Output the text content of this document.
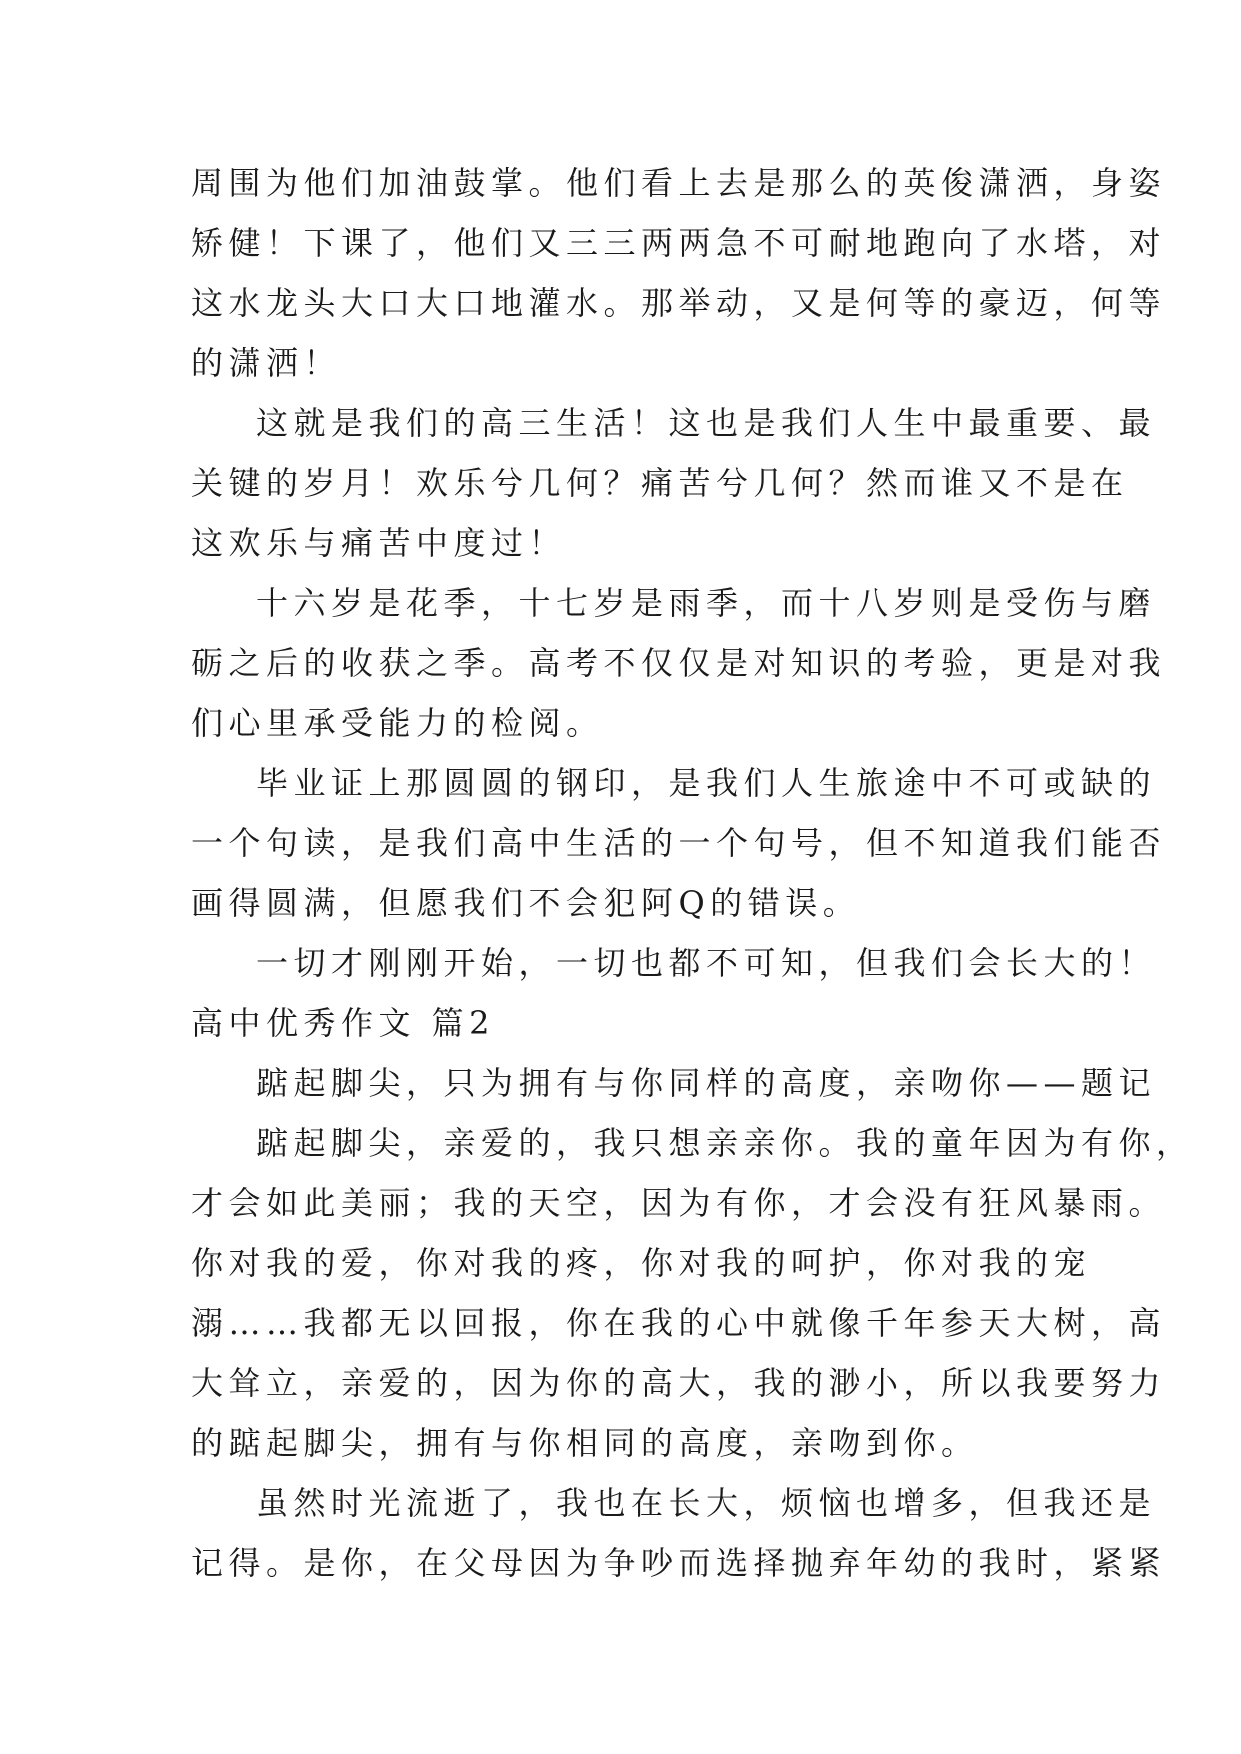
周围为他们加油鼓掌。他们看上去是那么的英俊潇洒，身姿
矫健！下课了，他们又三三两两急不可耐地跑向了水塔，对
这水龙头大口大口地灌水。那举动，又是何等的豪迈，何等
的潇洒！
这就是我们的高三生活！这也是我们人生中最重要、最
关键的岁月！欢乐兮几何？痛苦兮几何？然而谁又不是在
这欢乐与痛苦中度过！
十六岁是花季，十七岁是雨季，而十八岁则是受伤与磨
砺之后的收获之季。高考不仅仅是对知识的考验，更是对我
们心里承受能力的检阅。
毕业证上那圆圆的钢印，是我们人生旅途中不可或缺的
一个句读，是我们高中生活的一个句号，但不知道我们能否
画得圆满，但愿我们不会犯阿Q的错误。
一切才刚刚开始，一切也都不可知，但我们会长大的！
高中优秀作文 篇2
踮起脚尖，只为拥有与你同样的高度，亲吻你——题记
踮起脚尖，亲爱的，我只想亲亲你。我的童年因为有你，
才会如此美丽；我的天空，因为有你，才会没有狂风暴雨。
你对我的爱，你对我的疼，你对我的呵护，你对我的宠
溺……我都无以回报，你在我的心中就像千年参天大树，高
大耸立，亲爱的，因为你的高大，我的渺小，所以我要努力
的踮起脚尖，拥有与你相同的高度，亲吻到你。
虽然时光流逝了，我也在长大，烦恼也增多，但我还是
记得。是你，在父母因为争吵而选择抛弃年幼的我时，紧紧
